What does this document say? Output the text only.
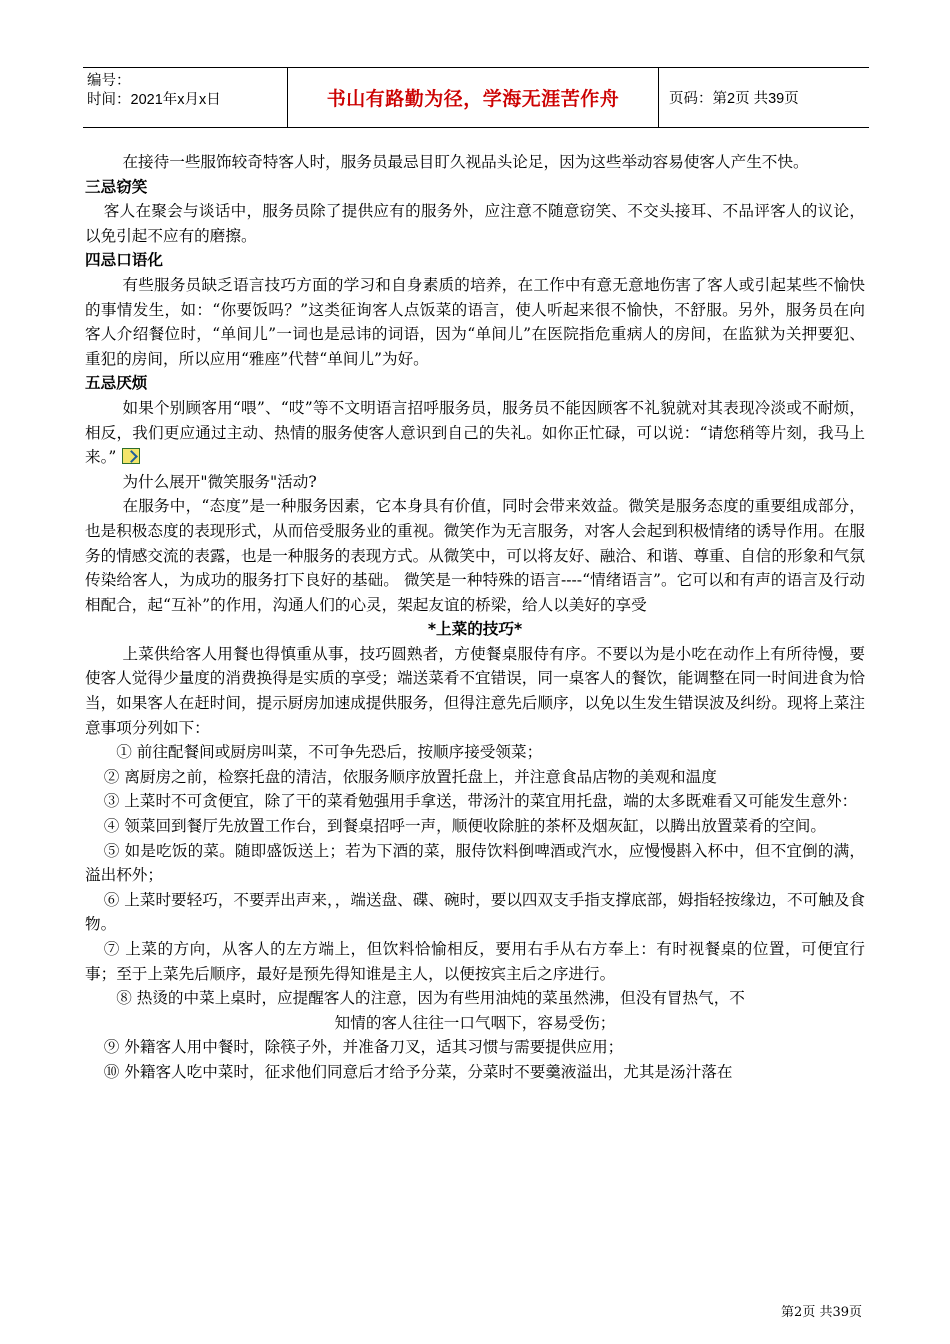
编号：
时间：2021年x月x日	书山有路勤为径，学海无涯苦作舟	页码：第2页 共39页

在接待一些服饰较奇特客人时，服务员最忌目盯久视品头论足，因为这些举动容易使客人产生不快。

三忌窃笑

客人在聚会与谈话中，服务员除了提供应有的服务外，应注意不随意窃笑、不交头接耳、不品评客人的议论，以免引起不应有的磨擦。

四忌口语化

有些服务员缺乏语言技巧方面的学习和自身素质的培养，在工作中有意无意地伤害了客人或引起某些不愉快的事情发生，如：“你要饭吗？”这类征询客人点饭菜的语言，使人听起来很不愉快，不舒服。另外，服务员在向客人介绍餐位时，“单间儿”一词也是忌讳的词语，因为“单间儿”在医院指危重病人的房间，在监狱为关押要犯、重犯的房间，所以应用“雅座”代替“单间儿”为好。

五忌厌烦

如果个别顾客用“喂”、“哎”等不文明语言招呼服务员，服务员不能因顾客不礼貌就对其表现冷淡或不耐烦，相反，我们更应通过主动、热情的服务使客人意识到自己的失礼。如你正忙碌，可以说：“请您稍等片刻，我马上来。”

为什么展开"微笑服务"活动?

在服务中，“态度”是一种服务因素，它本身具有价值，同时会带来效益。微笑是服务态度的重要组成部分，也是积极态度的表现形式，从而倍受服务业的重视。微笑作为无言服务，对客人会起到积极情绪的诱导作用。在服务的情感交流的表露，也是一种服务的表现方式。从微笑中，可以将友好、融洽、和谐、尊重、自信的形象和气氛传染给客人，为成功的服务打下良好的基础。 微笑是一种特殊的语言----“情绪语言”。它可以和有声的语言及行动相配合，起“互补”的作用，沟通人们的心灵，架起友谊的桥梁，给人以美好的享受

*上菜的技巧*

上菜供给客人用餐也得慎重从事，技巧圆熟者，方使餐桌服侍有序。不要以为是小吃在动作上有所待慢，要使客人觉得少量度的消费换得是实质的享受；端送菜肴不宜错误，同一桌客人的餐饮，能调整在同一时间进食为恰当，如果客人在赶时间，提示厨房加速成提供服务，但得注意先后顺序，以免以生发生错误波及纠纷。现将上菜注意事项分列如下：

① 前往配餐间或厨房叫菜，不可争先恐后，按顺序接受领菜；

② 离厨房之前，检察托盘的清洁，依服务顺序放置托盘上，并注意食品店物的美观和温度

③ 上菜时不可贪便宜，除了干的菜肴勉强用手拿送，带汤汁的菜宜用托盘，端的太多既难看又可能发生意外：

④ 领菜回到餐厅先放置工作台，到餐桌招呼一声，顺便收除脏的茶杯及烟灰缸，以腾出放置菜肴的空间。

⑤ 如是吃饭的菜。随即盛饭送上；若为下酒的菜，服侍饮料倒啤酒或汽水，应慢慢斟入杯中，但不宜倒的满，溢出杯外；

⑥ 上菜时要轻巧，不要弄出声来，，端送盘、碟、碗时，要以四双支手指支撑底部，姆指轻按缘边，不可触及食物。

⑦ 上菜的方向，从客人的左方端上，但饮料恰愉相反，要用右手从右方奉上：有时视餐桌的位置，可便宜行事；至于上菜先后顺序，最好是预先得知谁是主人，以便按宾主后之序进行。

⑧ 热烫的中菜上桌时，应提醒客人的注意，因为有些用油炖的菜虽然沸，但没有冒热气，不

知情的客人往往一口气咽下，容易受伤；

⑨ 外籍客人用中餐时，除筷子外，并准备刀叉，适其习惯与需要提供应用；

⑩ 外籍客人吃中菜时，征求他们同意后才给予分菜，分菜时不要羹液溢出，尤其是汤汁落在

第2页 共39页
